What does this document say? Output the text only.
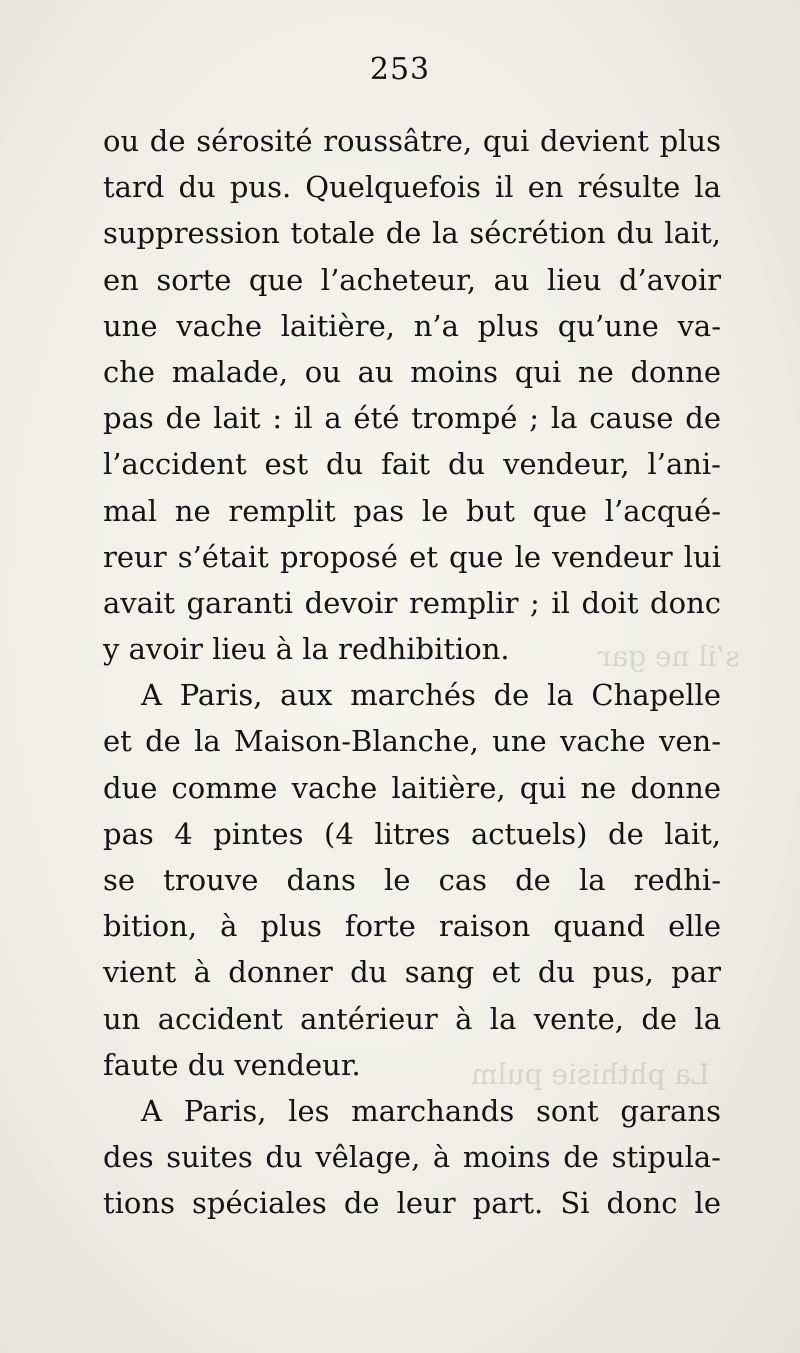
s’il ne gar
La phthisie pulm
253
ou de sérosité roussâtre, qui devient plus
tard du pus. Quelquefois il en résulte la
suppression totale de la sécrétion du lait,
en sorte que l’acheteur, au lieu d’avoir
une vache laitière, n’a plus qu’une va-
che malade, ou au moins qui ne donne
pas de lait : il a été trompé ; la cause de
l’accident est du fait du vendeur, l’ani-
mal ne remplit pas le but que l’acqué-
reur s’était proposé et que le vendeur lui
avait garanti devoir remplir ; il doit donc
y avoir lieu à la redhibition.
A Paris, aux marchés de la Chapelle
et de la Maison-Blanche, une vache ven-
due comme vache laitière, qui ne donne
pas 4 pintes (4 litres actuels) de lait,
se trouve dans le cas de la redhi-
bition, à plus forte raison quand elle
vient à donner du sang et du pus, par
un accident antérieur à la vente, de la
faute du vendeur.
A Paris, les marchands sont garans
des suites du vêlage, à moins de stipula-
tions spéciales de leur part. Si donc le
